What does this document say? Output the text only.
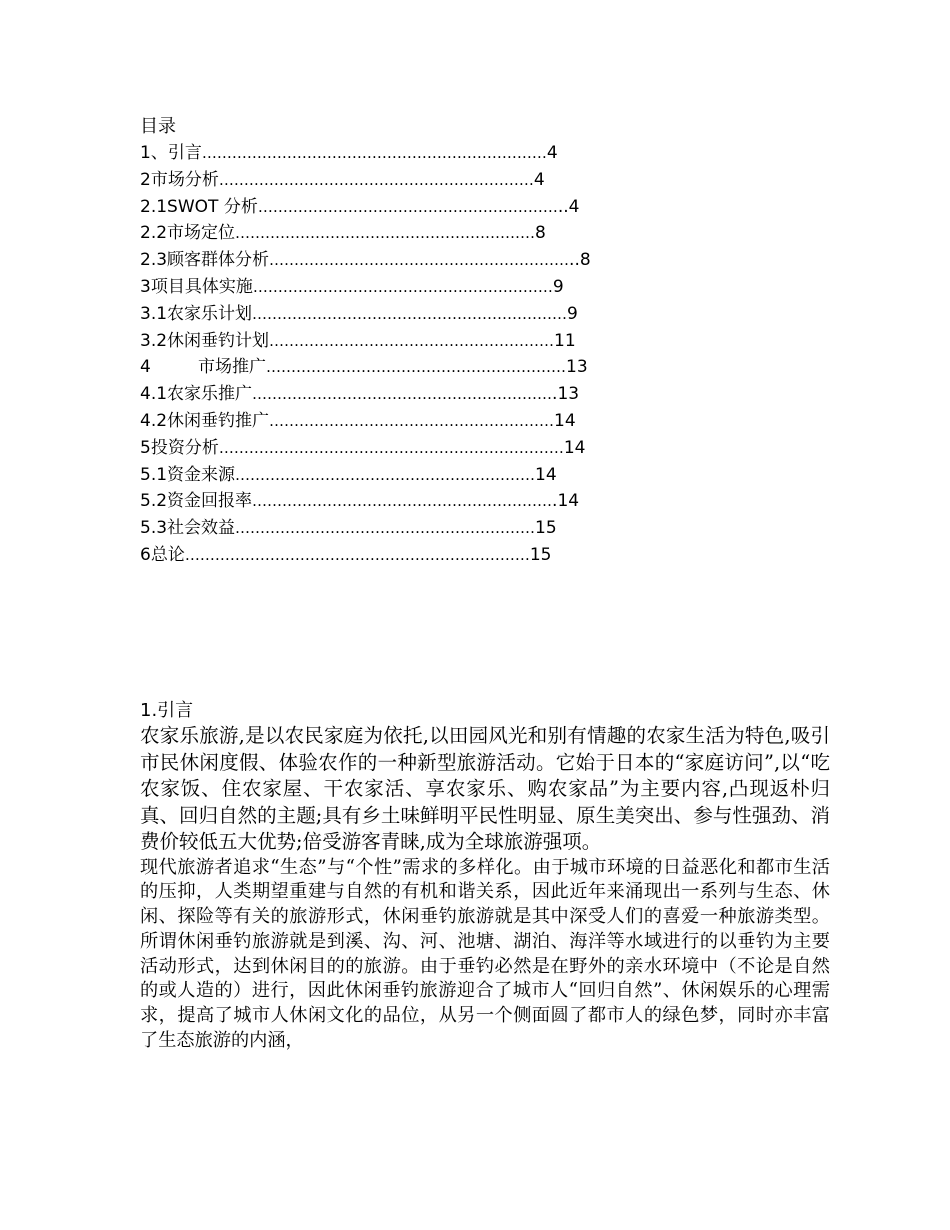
目录
1、引言……………………………………………………………4
2市场分析………………………………………………………4
2.1SWOT 分析……………………………………………………..4
2.2市场定位……………………………………………………8
2.3顾客群体分析……………………………………………………..8
3项目具体实施……………………………………………………9
3.1农家乐计划………………………………………………………9
3.2休闲垂钓计划…………………………………………………11
4	市场推广……………………………………………………13
4.1农家乐推广…………………………………………………….13
4.2休闲垂钓推广…………………………………………………14
5投资分析……………………………………………………………14
5.1资金来源……………………………………………………14
5.2资金回报率…………………………………………………….14
5.3社会效益……………………………………………………15
6总论……………………………………………………………15
1.引言

农家乐旅游,是以农民家庭为依托,以田园风光和别有情趣的农家生活为特色,吸引市民休闲度假、体验农作的一种新型旅游活动。它始于日本的“家庭访问”,以“吃农家饭、住农家屋、干农家活、享农家乐、购农家品”为主要内容,凸现返朴归真、回归自然的主题;具有乡土味鲜明平民性明显、原生美突出、参与性强劲、消费价较低五大优势;倍受游客青睐,成为全球旅游强项。

现代旅游者追求“生态”与“个性”需求的多样化。由于城市环境的日益恶化和都市生活的压抑，人类期望重建与自然的有机和谐关系，因此近年来涌现出一系列与生态、休闲、探险等有关的旅游形式，休闲垂钓旅游就是其中深受人们的喜爱一种旅游类型。所谓休闲垂钓旅游就是到溪、沟、河、池塘、湖泊、海洋等水域进行的以垂钓为主要活动形式，达到休闲目的的旅游。由于垂钓必然是在野外的亲水环境中（不论是自然的或人造的）进行，因此休闲垂钓旅游迎合了城市人“回归自然”、休闲娱乐的心理需求，提高了城市人休闲文化的品位，从另一个侧面圆了都市人的绿色梦，同时亦丰富了生态旅游的内涵，
